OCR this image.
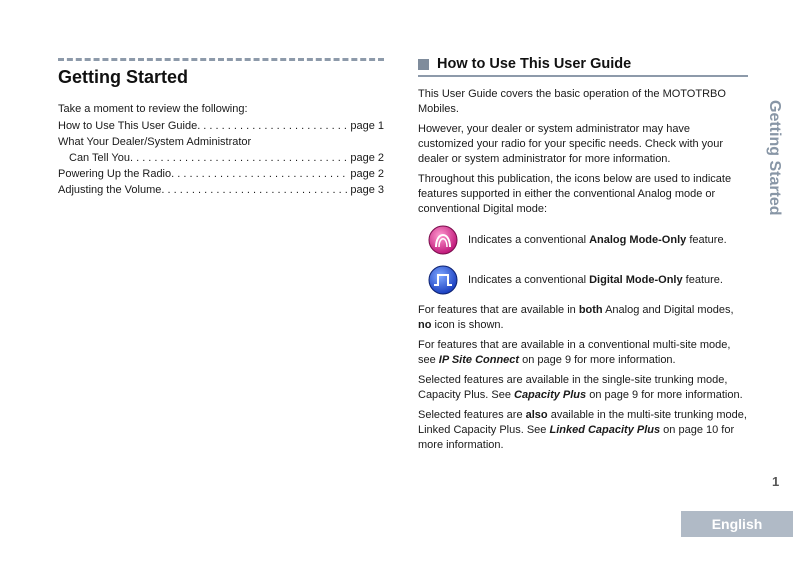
Getting Started
Take a moment to review the following:
How to Use This User Guide . . .	page 1
What Your Dealer/System Administrator
Can Tell You . . .	page 2
Powering Up the Radio . . .	page 2
Adjusting the Volume . . .	page 3
How to Use This User Guide

This User Guide covers the basic operation of the MOTOTRBO Mobiles.

However, your dealer or system administrator may have customized your radio for your specific needs. Check with your dealer or system administrator for more information.

Throughout this publication, the icons below are used to indicate features supported in either the conventional Analog mode or conventional Digital mode:

Indicates a conventional Analog Mode-Only feature.
Indicates a conventional Digital Mode-Only feature.

For features that are available in both Analog and Digital modes, no icon is shown.

For features that are available in a conventional multi-site mode, see IP Site Connect on page 9 for more information.

Selected features are available in the single-site trunking mode, Capacity Plus. See Capacity Plus on page 9 for more information.

Selected features are also available in the multi-site trunking mode, Linked Capacity Plus. See Linked Capacity Plus on page 10 for more information.

Getting Started
1
English
